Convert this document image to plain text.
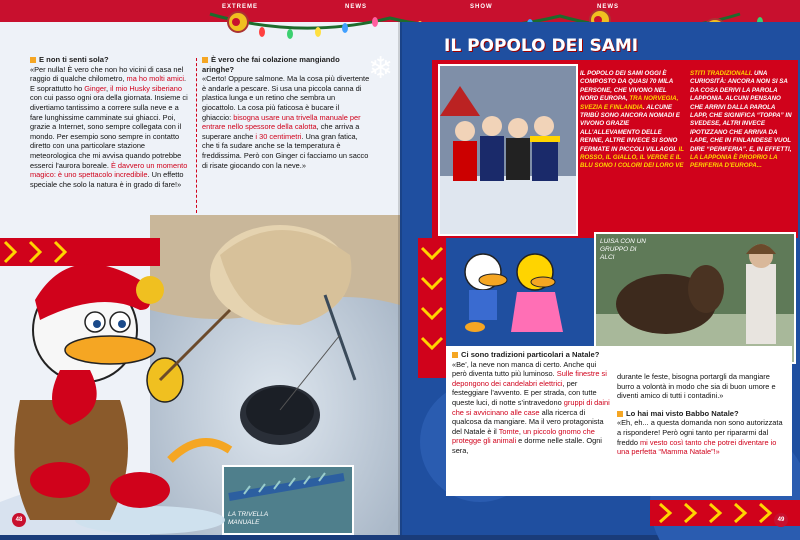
EXTREME	NEWS	SHOW	NEWS
❄
E non ti senti sola?
«Per nulla! È vero che non ho vicini di casa nel raggio di qualche chilometro, ma ho molti amici. E soprattutto ho Ginger, il mio Husky siberiano con cui passo ogni ora della giornata. Insieme ci divertiamo tantissimo a correre sulla neve e a fare lunghissime camminate sui ghiacci. Poi, grazie a Internet, sono sempre collegata con il mondo. Per esempio sono sempre in contatto diretto con una particolare stazione meteorologica che mi avvisa quando potrebbe esserci l’aurora boreale. È davvero un momento magico: è uno spettacolo incredibile. Un effetto speciale che solo la natura è in grado di fare!»
È vero che fai colazione mangiando aringhe?
«Certo! Oppure salmone. Ma la cosa più divertente è andarle a pescare. Si usa una piccola canna di plastica lunga e un retino che sembra un giocattolo. La cosa più faticosa è bucare il ghiaccio: bisogna usare una trivella manuale per entrare nello spessore della calotta, che arriva a superare anche i 30 centimetri. Una gran fatica, che ti fa sudare anche se la temperatura è freddissima. Però con Ginger ci facciamo un sacco di risate giocando con la neve.»
LA TRIVELLA MANUALE
48
IL POPOLO DEI SAMI
IL POPOLO DEI SAMI OGGI È COMPOSTO DA QUASI 70 MILA PERSONE, CHE VIVONO NEL NORD EUROPA, TRA NORVEGIA, SVEZIA E FINLANDIA. ALCUNE TRIBÙ SONO ANCORA NOMADI E VIVONO GRAZIE ALL’ALLEVAMENTO DELLE RENNE, ALTRE INVECE SI SONO FERMATE IN PICCOLI VILLAGGI. IL ROSSO, IL GIALLO, IL VERDE E IL BLU SONO I COLORI DEI LORO VE
STITI TRADIZIONALI. UNA CURIOSITÀ: ANCORA NON SI SA DA COSA DERIVI LA PAROLA LAPPONIA. ALCUNI PENSANO CHE ARRIVI DALLA PAROLA LAPP, CHE SIGNIFICA “TOPPA” IN SVEDESE, ALTRI INVECE IPOTIZZANO CHE ARRIVA DA LAPE, CHE IN FINLANDESE VUOL DIRE “PERIFERIA”. E, IN EFFETTI, LA LAPPONIA È PROPRIO LA PERIFERIA D’EUROPA...
LUISA CON UN GRUPPO DI ALCI
Ci sono tradizioni particolari a Natale?
«Be’, la neve non manca di certo. Anche qui però diventa tutto più luminoso. Sulle finestre si depongono dei candelabri elettrici, per festeggiare l’avvento. E per strada, con tutte queste luci, di notte s’intravedono gruppi di daini che si avvicinano alle case alla ricerca di qualcosa da mangiare. Ma il vero protagonista del Natale è il Tomte, un piccolo gnomo che protegge gli animali e dorme nelle stalle. Ogni sera,
durante le feste, bisogna portargli da mangiare burro a volontà in modo che sia di buon umore e diventi amico di tutti i contadini.»
Lo hai mai visto Babbo Natale?
«Eh, eh... a questa domanda non sono autorizzata a rispondere! Però ogni tanto per ripararmi dal freddo mi vesto così tanto che potrei diventare io una perfetta “Mamma Natale”!»
49
